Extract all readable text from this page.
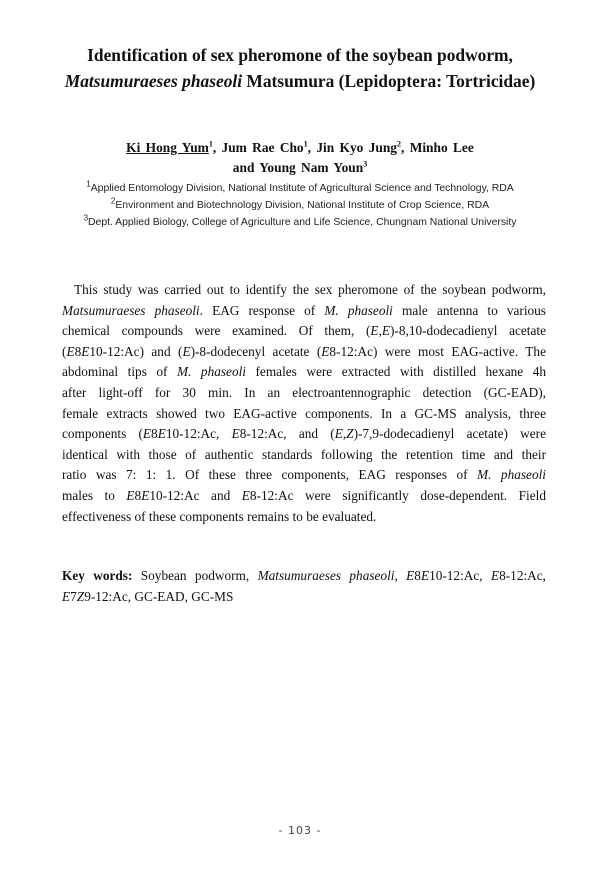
Identification of sex pheromone of the soybean podworm,
Matsumuraeses phaseoli Matsumura (Lepidoptera: Tortricidae)
Ki Hong Yum$^1$, Jum Rae Cho$^1$, Jin Kyo Jung$^2$, Minho Lee
and Young Nam Youn$^3$
$^1$Applied Entomology Division, National Institute of Agricultural Science and Technology, RDA
$^2$Environment and Biotechnology Division, National Institute of Crop Science, RDA
$^3$Dept. Applied Biology, College of Agriculture and Life Science, Chungnam National University
This study was carried out to identify the sex pheromone of the soybean podworm,
Matsumuraeses phaseoli. EAG response of M. phaseoli male antenna to various
chemical compounds were examined. Of them, (E,E)-8,10-dodecadienyl acetate
(E8E10-12:Ac) and (E)-8-dodecenyl acetate (E8-12:Ac) were most EAG-active. The
abdominal tips of M. phaseoli females were extracted with distilled hexane 4h
after light-off for 30 min. In an electroantennographic detection (GC-EAD),
female extracts showed two EAG-active components. In a GC-MS analysis, three
components (E8E10-12:Ac, E8-12:Ac, and (E,Z)-7,9-dodecadienyl acetate) were
identical with those of authentic standards following the retention time and their
ratio was 7: 1: 1. Of these three components, EAG responses of M. phaseoli
males to E8E10-12:Ac and E8-12:Ac were significantly dose-dependent. Field
effectiveness of these components remains to be evaluated.
Key words: Soybean podworm, Matsumuraeses phaseoli, E8E10-12:Ac, E8-12:Ac,
E7Z9-12:Ac, GC-EAD, GC-MS
- 103 -
